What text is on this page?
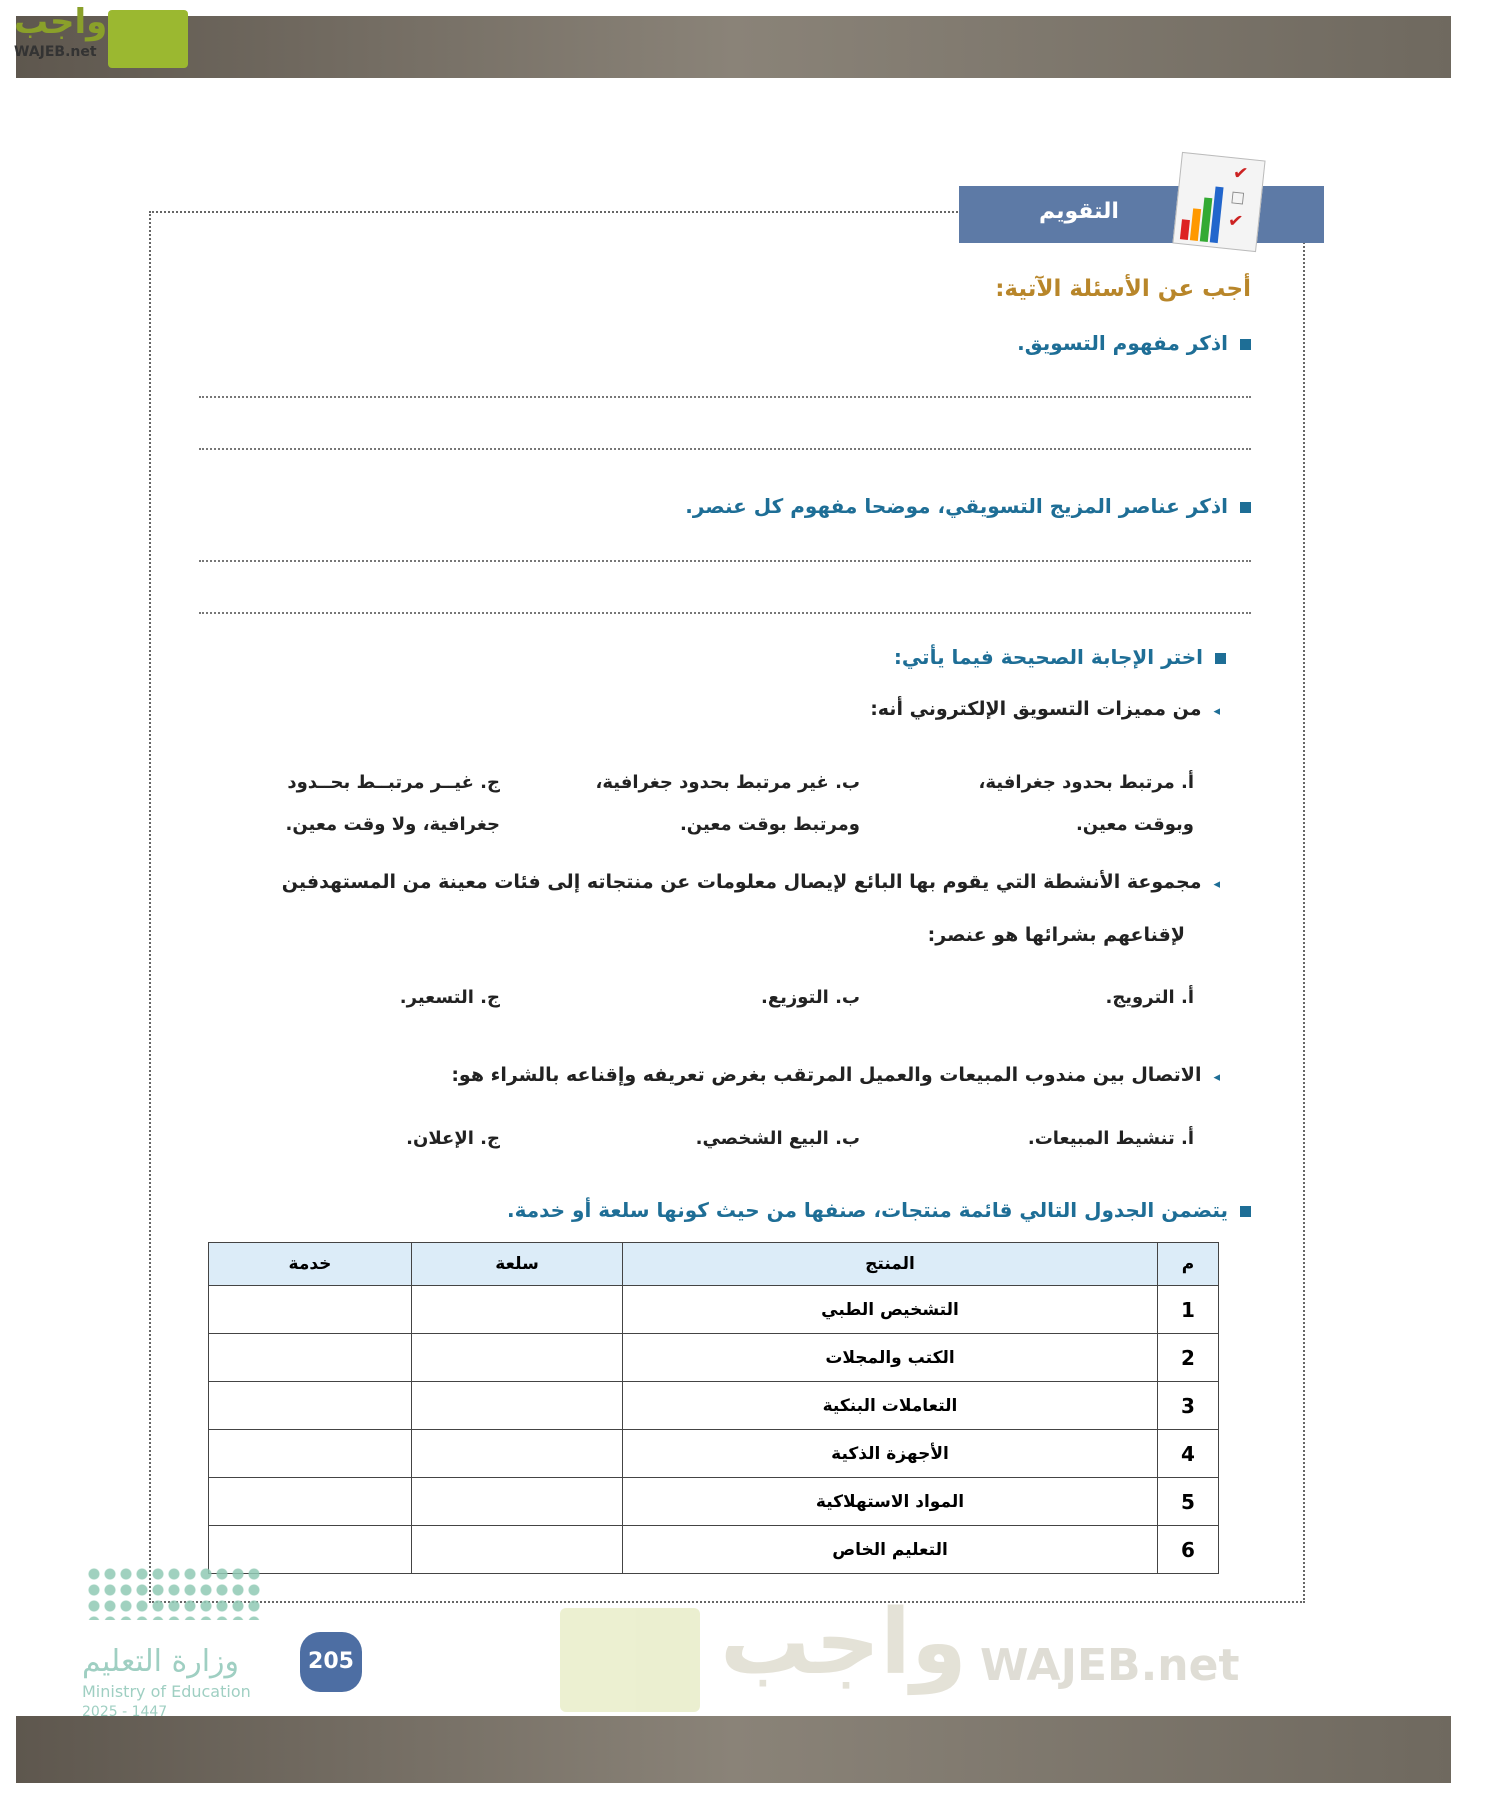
واجب
WAJEB.net
التقويم
✔
☐
✔
أجب عن الأسئلة الآتية:
اذكر مفهوم التسويق.
اذكر عناصر المزيج التسويقي، موضحا مفهوم كل عنصر.
اختر الإجابة الصحيحة فيما يأتي:
◂من مميزات التسويق الإلكتروني أنه:
أ. مرتبط بحدود جغرافية،
وبوقت معين.
ب. غير مرتبط بحدود جغرافية،
ومرتبط بوقت معين.
ج. غيــر مرتبــط بحــدود
جغرافية، ولا وقت معين.
◂مجموعة الأنشطة التي يقوم بها البائع لإيصال معلومات عن منتجاته إلى فئات معينة من المستهدفين
لإقناعهم بشرائها هو عنصر:
أ. الترويج.
ب. التوزيع.
ج. التسعير.
◂الاتصال بين مندوب المبيعات والعميل المرتقب بغرض تعريفه وإقناعه بالشراء هو:
أ. تنشيط المبيعات.
ب. البيع الشخصي.
ج. الإعلان.
يتضمن الجدول التالي قائمة منتجات، صنفها من حيث كونها سلعة أو خدمة.
م	المنتج	سلعة	خدمة
1	التشخيص الطبي		
2	الكتب والمجلات		
3	التعاملات البنكية		
4	الأجهزة الذكية		
5	المواد الاستهلاكية		
6	التعليم الخاص		
واجب WAJEB.net
وزارة التعليم
Ministry of Education
2025 - 1447
205
